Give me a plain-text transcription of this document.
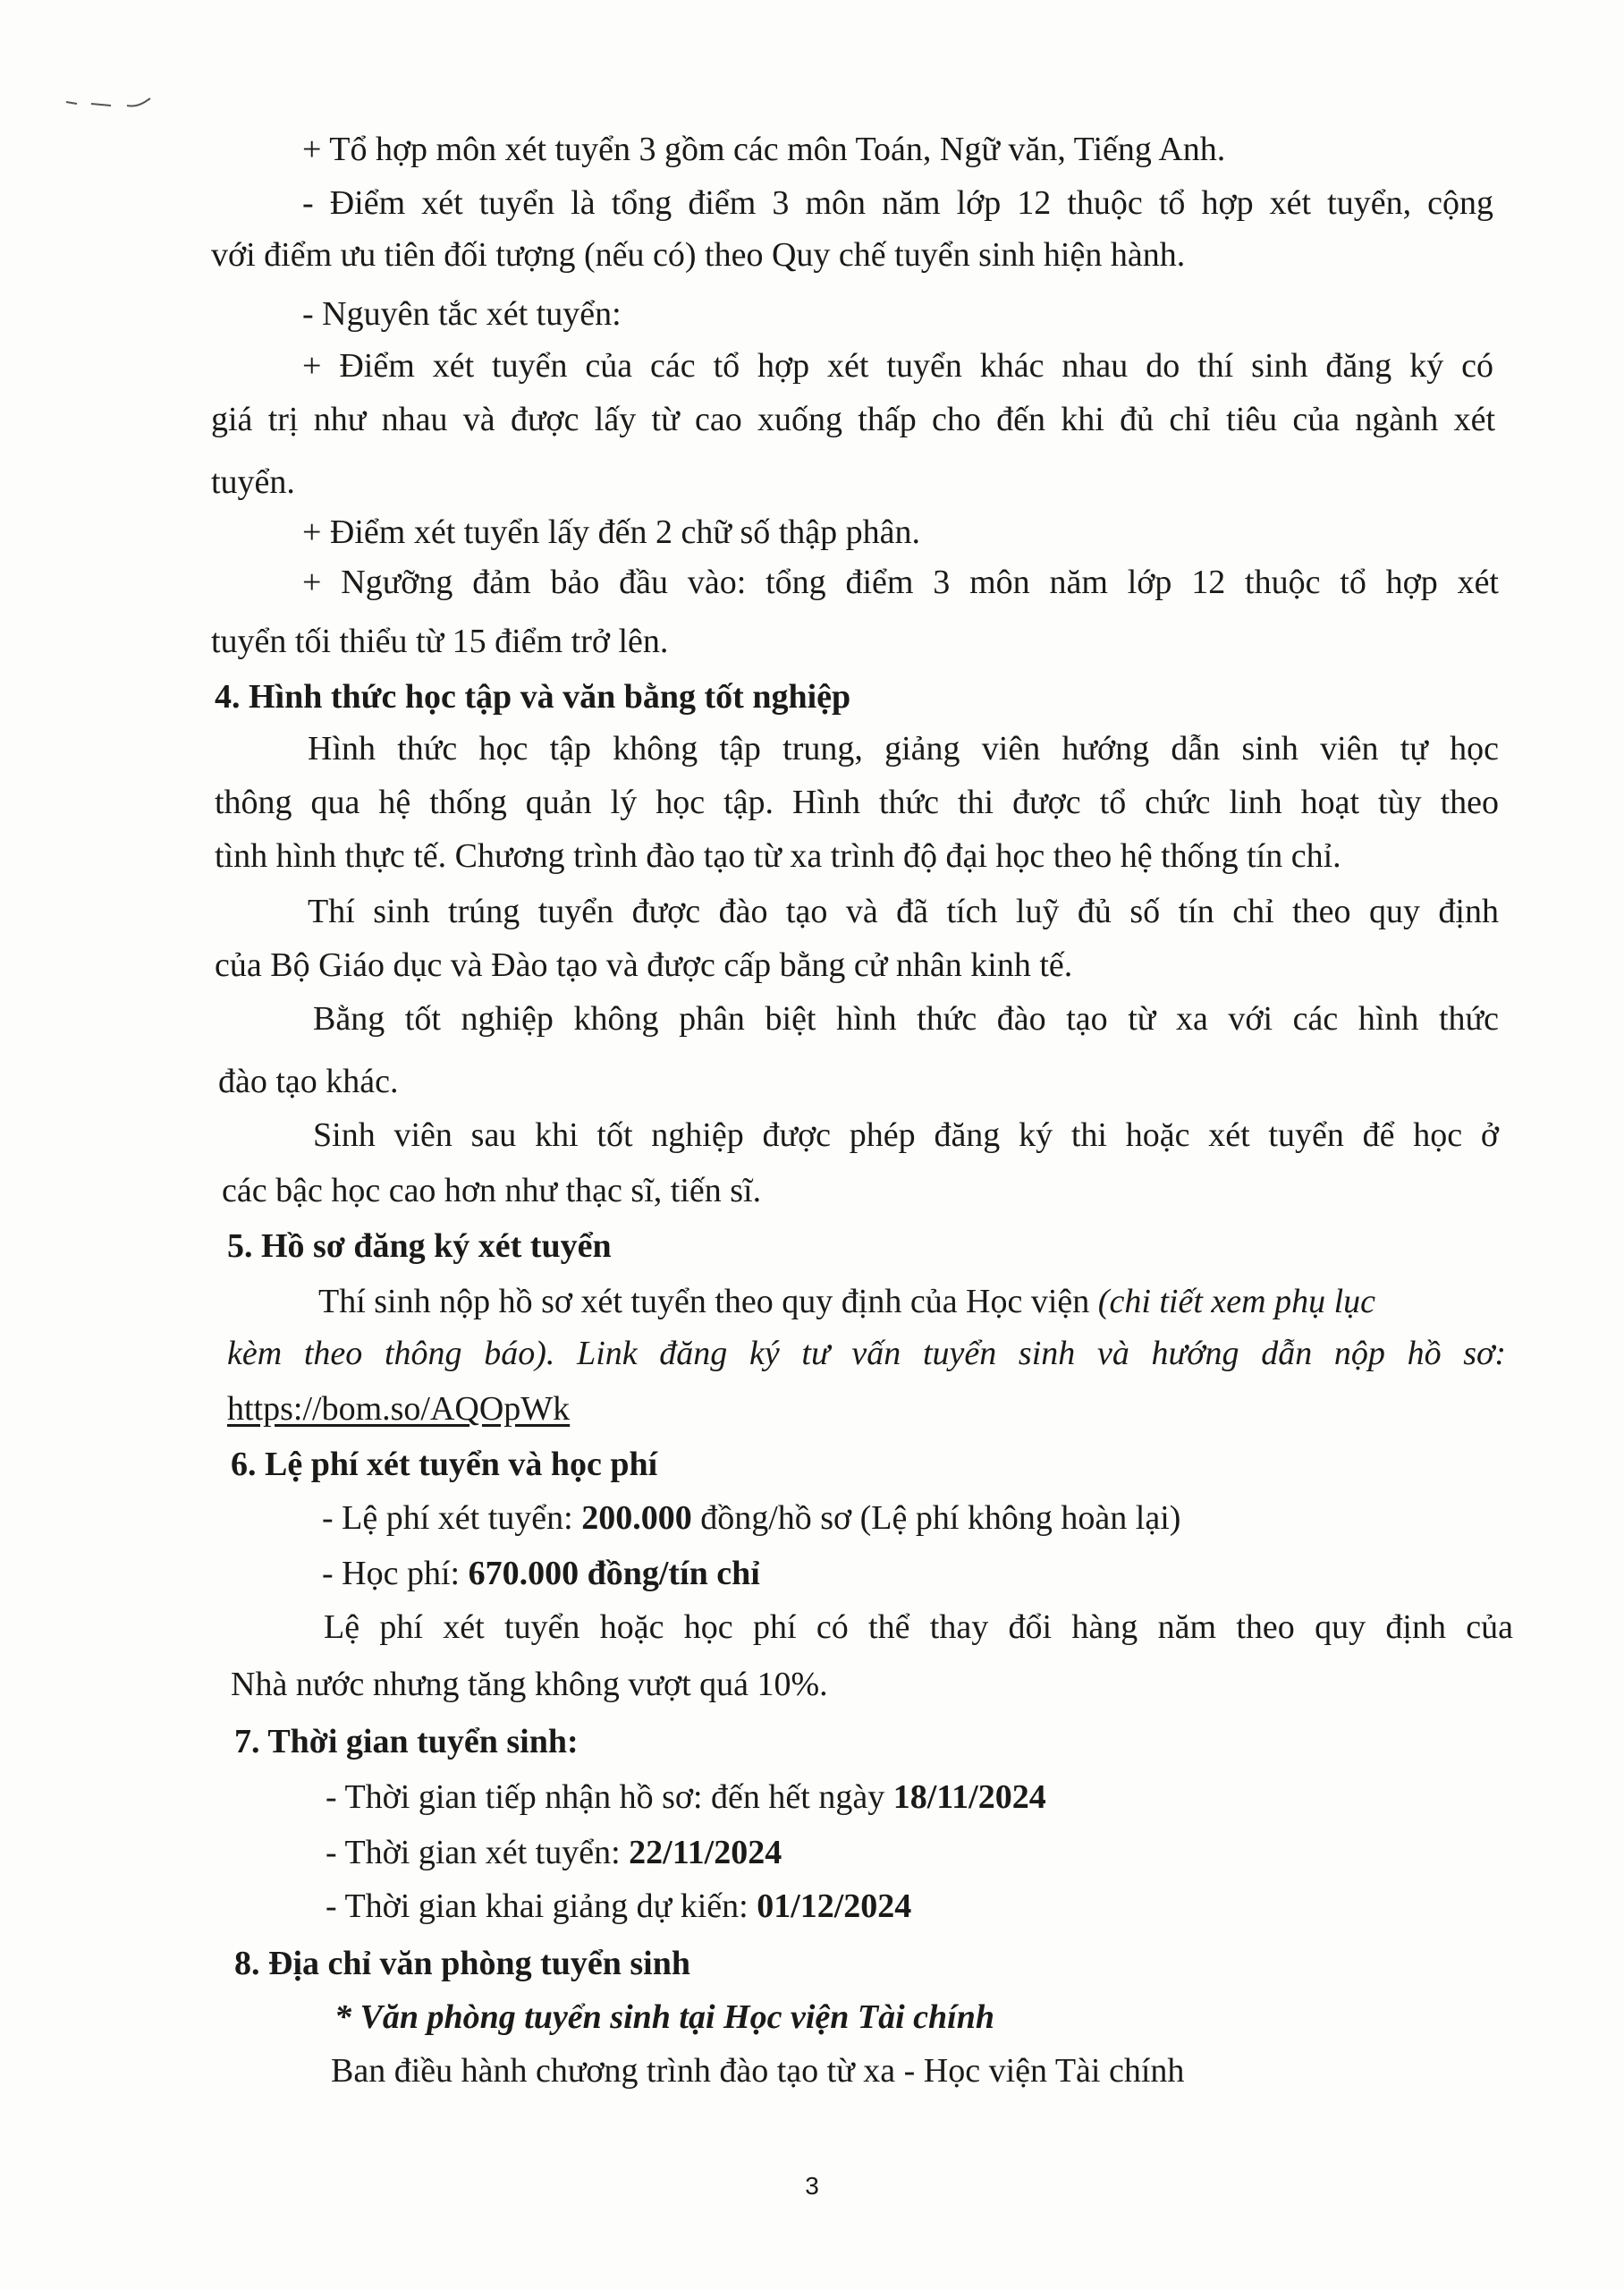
+ Tổ hợp môn xét tuyển 3 gồm các môn Toán, Ngữ văn, Tiếng Anh.
- Điểm xét tuyển là tổng điểm 3 môn năm lớp 12 thuộc tổ hợp xét tuyển, cộng
với điểm ưu tiên đối tượng (nếu có) theo Quy chế tuyển sinh hiện hành.
- Nguyên tắc xét tuyển:
+ Điểm xét tuyển của các tổ hợp xét tuyển khác nhau do thí sinh đăng ký có
giá trị như nhau và được lấy từ cao xuống thấp cho đến khi đủ chỉ tiêu của ngành xét
tuyển.
+ Điểm xét tuyển lấy đến 2 chữ số thập phân.
+ Ngưỡng đảm bảo đầu vào: tổng điểm 3 môn năm lớp 12 thuộc tổ hợp xét
tuyển tối thiểu từ 15 điểm trở lên.
4. Hình thức học tập và văn bằng tốt nghiệp
Hình thức học tập không tập trung, giảng viên hướng dẫn sinh viên tự học
thông qua hệ thống quản lý học tập. Hình thức thi được tổ chức linh hoạt tùy theo
tình hình thực tế. Chương trình đào tạo từ xa trình độ đại học theo hệ thống tín chỉ.
Thí sinh trúng tuyển được đào tạo và đã tích luỹ đủ số tín chỉ theo quy định
của Bộ Giáo dục và Đào tạo và được cấp bằng cử nhân kinh tế.
Bằng tốt nghiệp không phân biệt hình thức đào tạo từ xa với các hình thức
đào tạo khác.
Sinh viên sau khi tốt nghiệp được phép đăng ký thi hoặc xét tuyển để học ở
các bậc học cao hơn như thạc sĩ, tiến sĩ.
5. Hồ sơ đăng ký xét tuyển
Thí sinh nộp hồ sơ xét tuyển theo quy định của Học viện (chi tiết xem phụ lục
kèm theo thông báo). Link đăng ký tư vấn tuyển sinh và hướng dẫn nộp hồ sơ:
https://bom.so/AQOpWk
6. Lệ phí xét tuyển và học phí
- Lệ phí xét tuyển: 200.000 đồng/hồ sơ (Lệ phí không hoàn lại)
- Học phí: 670.000 đồng/tín chỉ
Lệ phí xét tuyển hoặc học phí có thể thay đổi hàng năm theo quy định của
Nhà nước nhưng tăng không vượt quá 10%.
7. Thời gian tuyển sinh:
- Thời gian tiếp nhận hồ sơ: đến hết ngày 18/11/2024
- Thời gian xét tuyển: 22/11/2024
- Thời gian khai giảng dự kiến: 01/12/2024
8. Địa chỉ văn phòng tuyển sinh
* Văn phòng tuyển sinh tại Học viện Tài chính
Ban điều hành chương trình đào tạo từ xa - Học viện Tài chính
3
